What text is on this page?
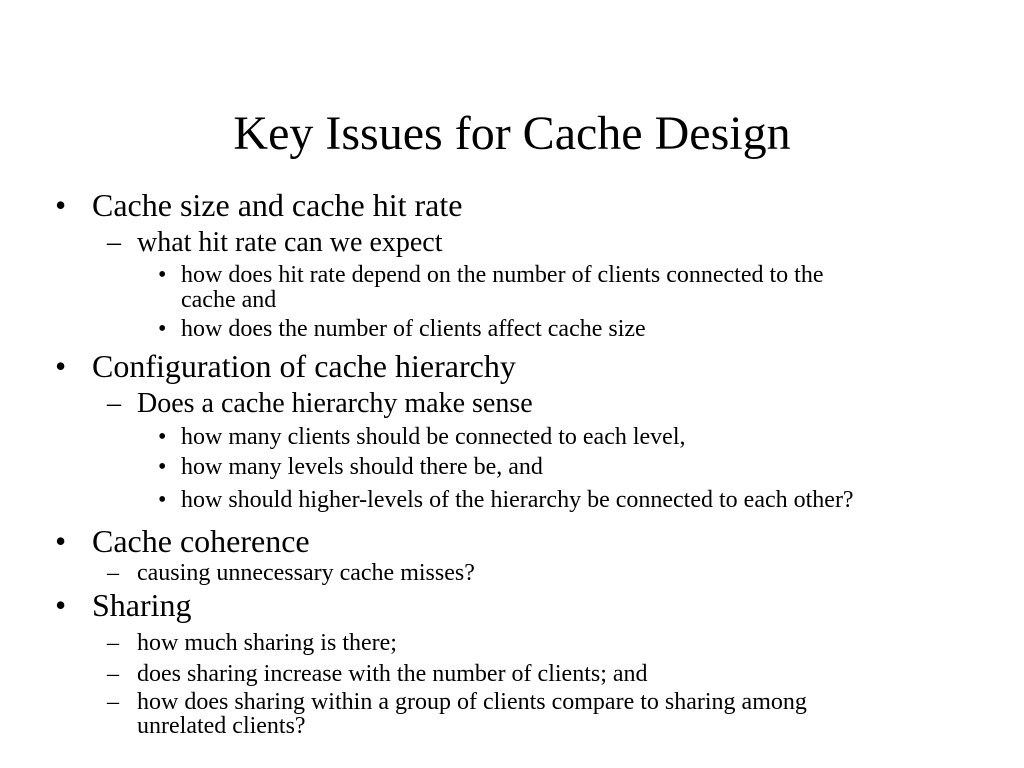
Key Issues for Cache Design
• Cache size and cache hit rate
– what hit rate can we expect
• how does hit rate depend on the number of clients connected to the
cache and
• how does the number of clients affect cache size
• Configuration of cache hierarchy
– Does a cache hierarchy make sense
• how many clients should be connected to each level,
• how many levels should there be, and
• how should higher-levels of the hierarchy be connected to each other?
• Cache coherence
– causing unnecessary cache misses?
• Sharing
– how much sharing is there;
– does sharing increase with the number of clients; and
– how does sharing within a group of clients compare to sharing among
unrelated clients?
